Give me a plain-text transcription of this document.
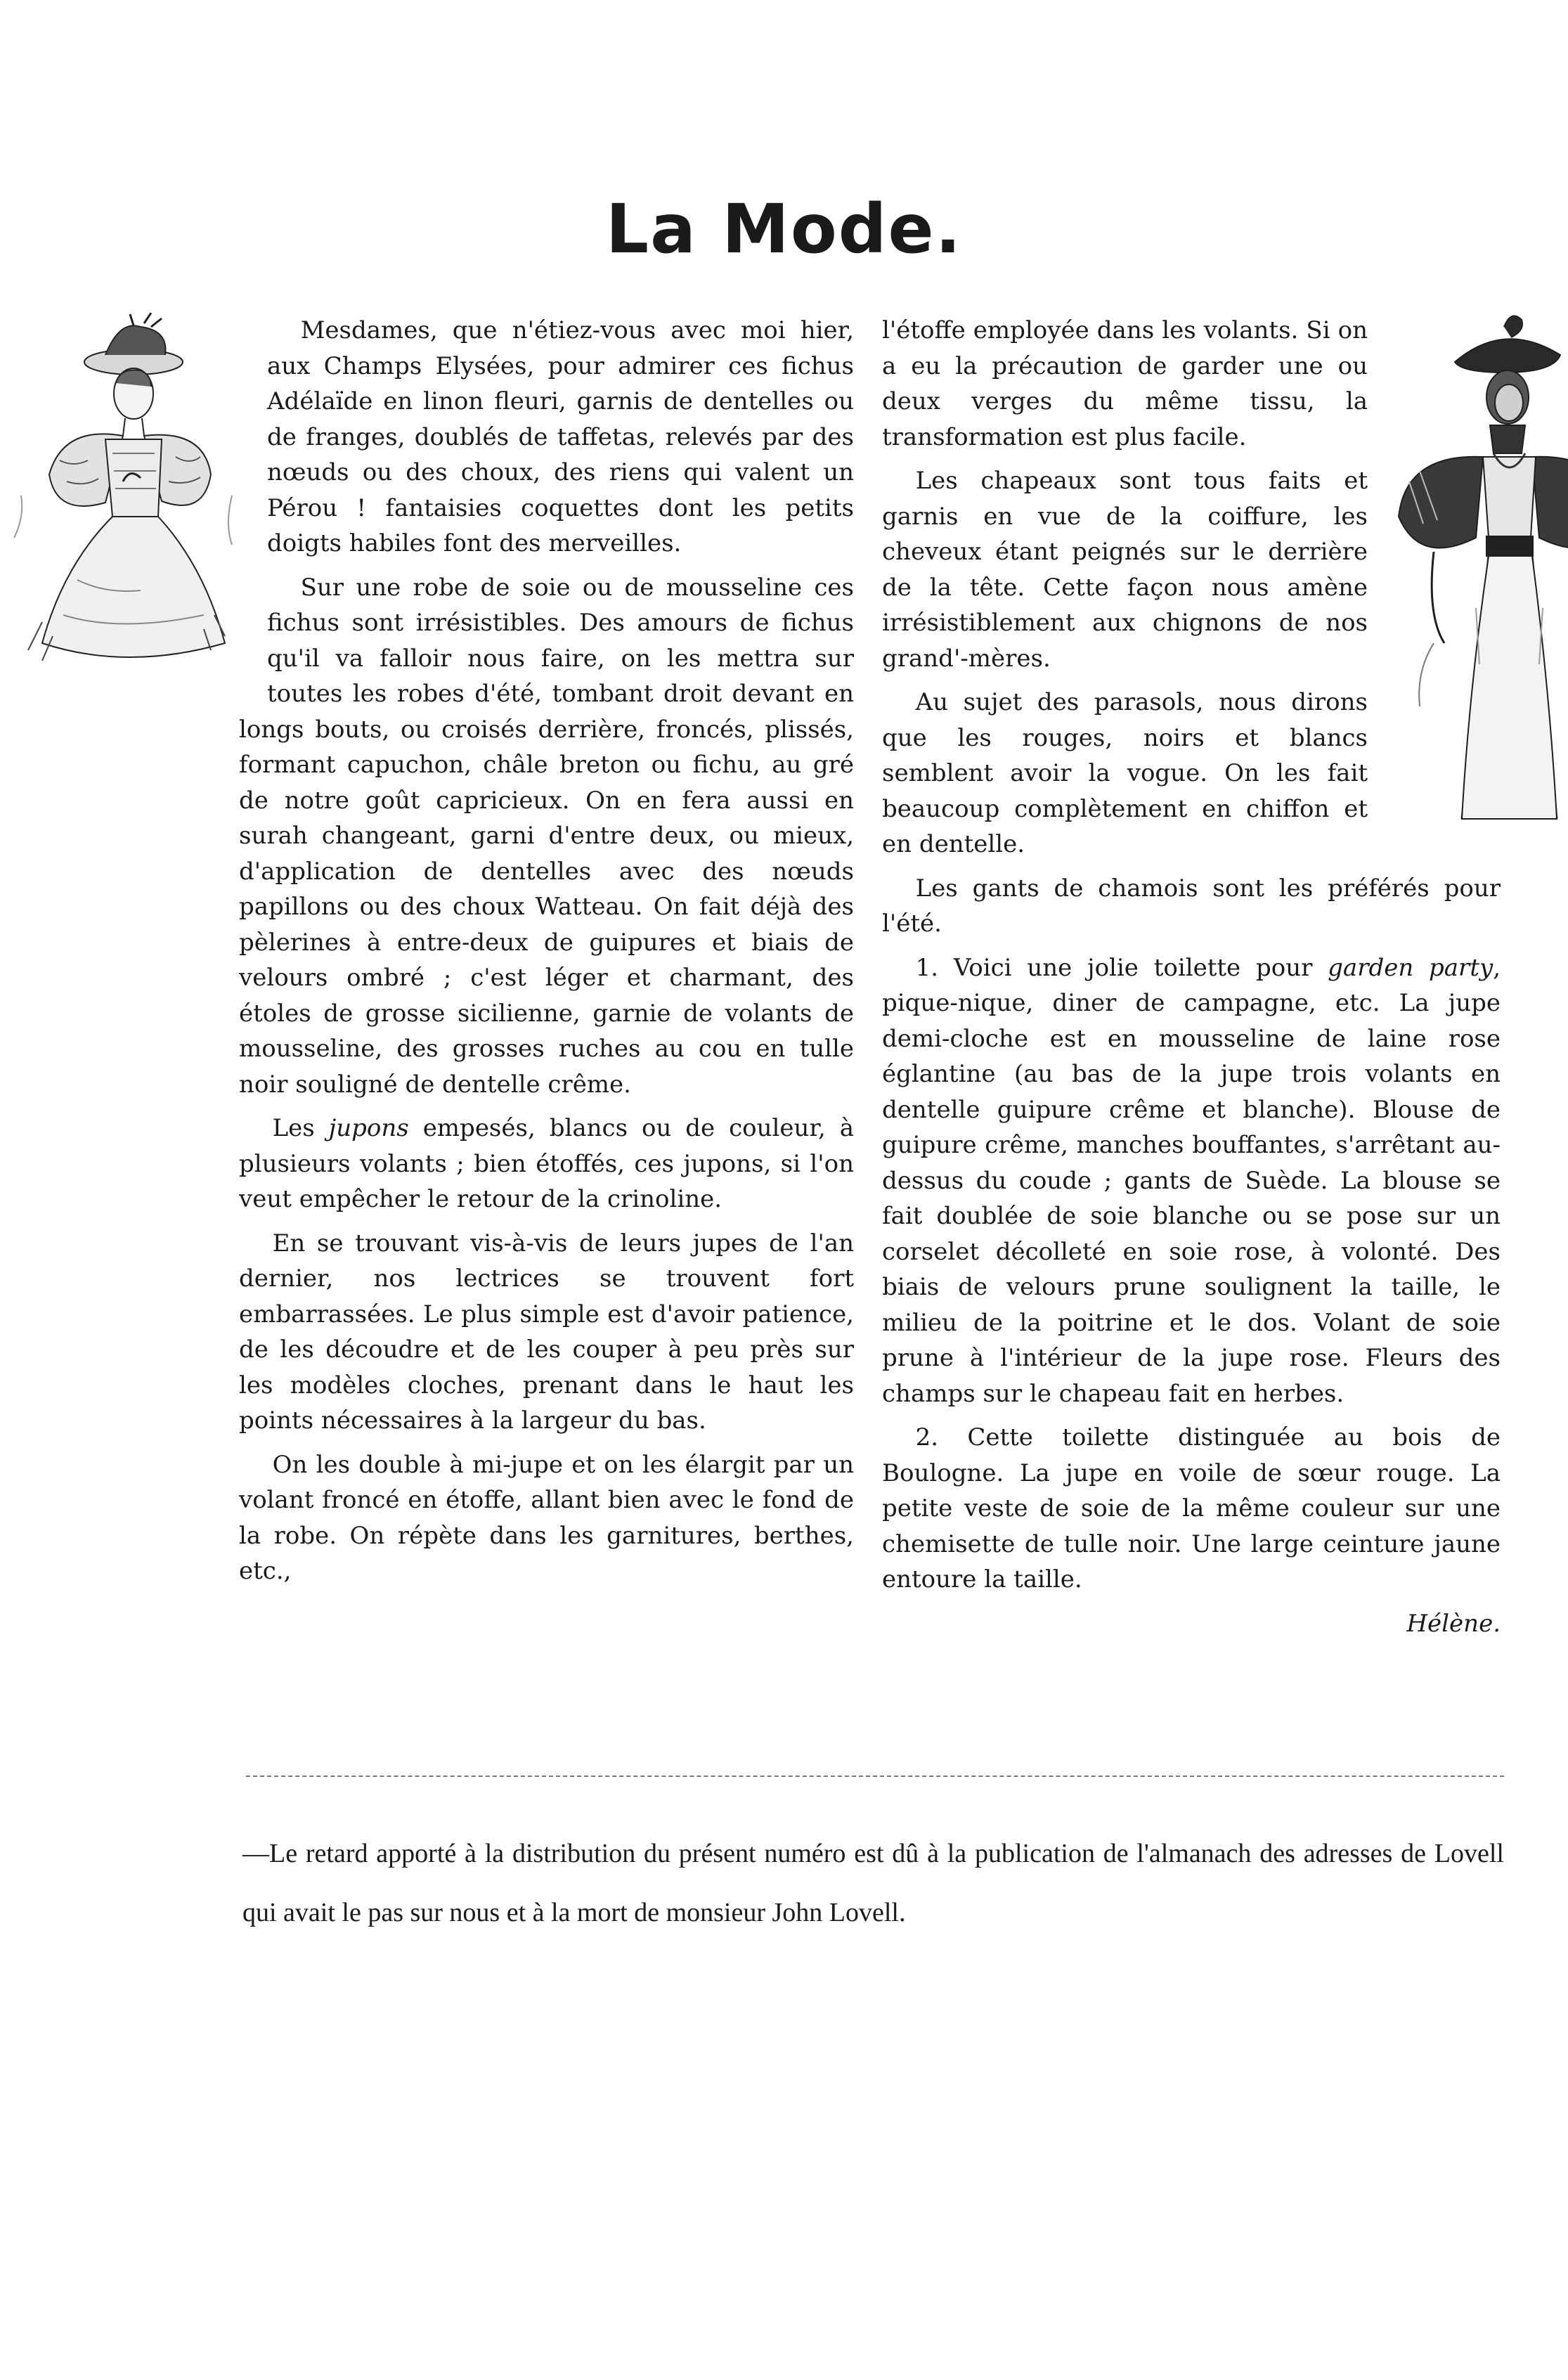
La Mode.

Mesdames, que n'étiez-vous avec moi hier, aux Champs Elysées, pour admirer ces fichus Adélaïde en linon fleuri, garnis de dentelles ou de franges, doublés de taffetas, relevés par des nœuds ou des choux, des riens qui valent un Pérou ! fantaisies coquettes dont les petits doigts habiles font des merveilles.

Sur une robe de soie ou de mousseline ces fichus sont irrésistibles. Des amours de fichus qu'il va falloir nous faire, on les mettra sur toutes les robes d'été, tombant droit devant en longs bouts, ou croisés derrière, froncés, plissés, formant capuchon, châle breton ou fichu, au gré de notre goût capricieux. On en fera aussi en surah changeant, garni d'entre deux, ou mieux, d'application de dentelles avec des nœuds papillons ou des choux Watteau. On fait déjà des pèlerines à entre-deux de guipures et biais de velours ombré ; c'est léger et charmant, des étoles de grosse sicilienne, garnie de volants de mousseline, des grosses ruches au cou en tulle noir souligné de dentelle crême.

Les jupons empesés, blancs ou de couleur, à plusieurs volants ; bien étoffés, ces jupons, si l'on veut empêcher le retour de la crinoline.

En se trouvant vis-à-vis de leurs jupes de l'an dernier, nos lectrices se trouvent fort embarrassées. Le plus simple est d'avoir patience, de les découdre et de les couper à peu près sur les modèles cloches, prenant dans le haut les points nécessaires à la largeur du bas.

On les double à mi-jupe et on les élargit par un volant froncé en étoffe, allant bien avec le fond de la robe. On répète dans les garnitures, berthes, etc.,

l'étoffe employée dans les volants. Si on a eu la précaution de garder une ou deux verges du même tissu, la transformation est plus facile.

Les chapeaux sont tous faits et garnis en vue de la coiffure, les cheveux étant peignés sur le derrière de la tête. Cette façon nous amène irrésistiblement aux chignons de nos grand'-mères.

Au sujet des parasols, nous dirons que les rouges, noirs et blancs semblent avoir la vogue. On les fait beaucoup complètement en chiffon et en dentelle.

Les gants de chamois sont les préférés pour l'été.

1. Voici une jolie toilette pour garden party, pique-nique, diner de campagne, etc. La jupe demi-cloche est en mousseline de laine rose églantine (au bas de la jupe trois volants en dentelle guipure crême et blanche). Blouse de guipure crême, manches bouffantes, s'arrêtant au-dessus du coude ; gants de Suède. La blouse se fait doublée de soie blanche ou se pose sur un corselet décolleté en soie rose, à volonté. Des biais de velours prune soulignent la taille, le milieu de la poitrine et le dos. Volant de soie prune à l'intérieur de la jupe rose. Fleurs des champs sur le chapeau fait en herbes.

2. Cette toilette distinguée au bois de Boulogne. La jupe en voile de sœur rouge. La petite veste de soie de la même couleur sur une chemisette de tulle noir. Une large ceinture jaune entoure la taille.

Hélène.

—Le retard apporté à la distribution du présent numéro est dû à la publication de l'almanach des adresses de Lovell qui avait le pas sur nous et à la mort de monsieur John Lovell.
